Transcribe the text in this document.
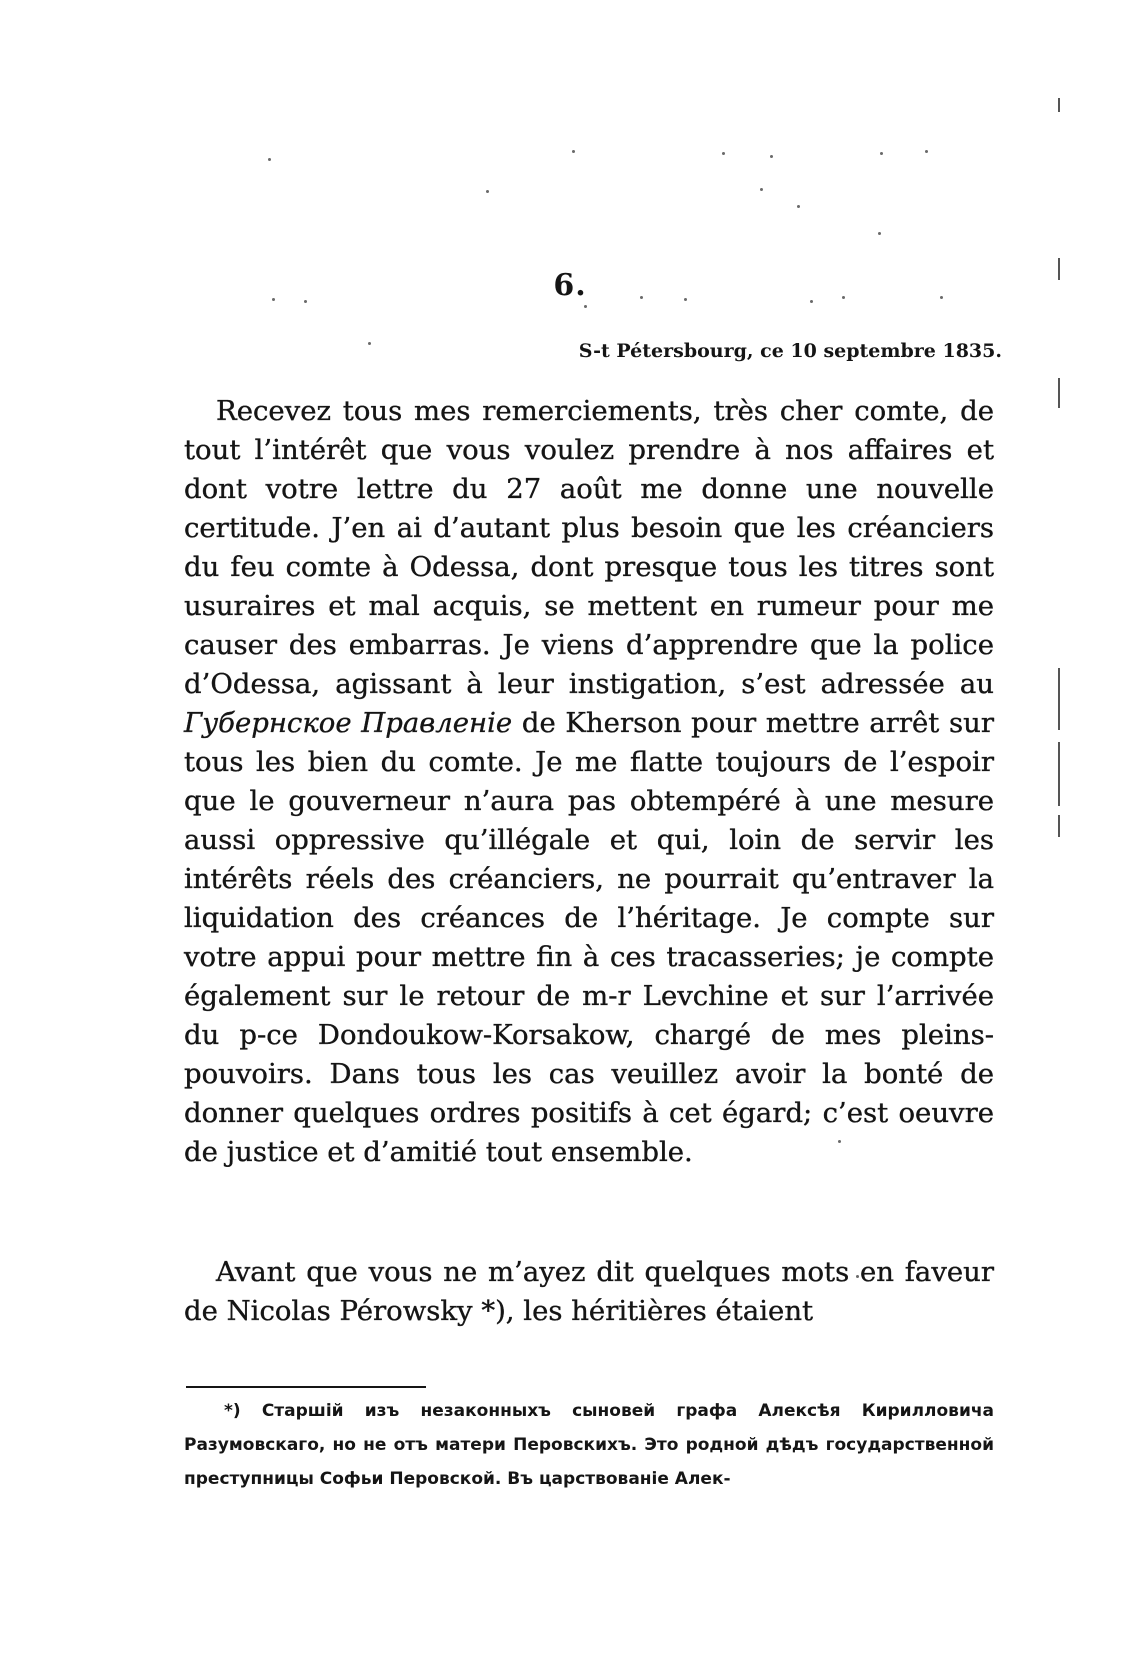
6.
S-t Pétersbourg, ce 10 septembre 1835.

Recevez tous mes remerciements, très cher comte, de tout l’intérêt que vous voulez prendre à nos affaires et dont votre lettre du 27 août me donne une nouvelle certitude. J’en ai d’autant plus besoin que les créanciers du feu comte à Odessa, dont presque tous les titres sont usuraires et mal acquis, se mettent en rumeur pour me causer des embarras. Je viens d’apprendre que la police d’Odessa, agissant à leur instigation, s’est adressée au Губернское Правленіе de Kherson pour mettre arrêt sur tous les bien du comte. Je me flatte toujours de l’espoir que le gouverneur n’aura pas obtempéré à une mesure aussi oppressive qu’illégale et qui, loin de servir les intérêts réels des créanciers, ne pourrait qu’entraver la liquidation des créances de l’héritage. Je compte sur votre appui pour mettre fin à ces tracasseries; je compte également sur le retour de m-r Levchine et sur l’arrivée du p-ce Dondoukow-Korsakow, chargé de mes pleins-pouvoirs. Dans tous les cas veuillez avoir la bonté de donner quelques ordres positifs à cet égard; c’est oeuvre de justice et d’amitié tout ensemble.

Avant que vous ne m’ayez dit quelques mots en faveur de Nicolas Pérowsky *), les héritières étaient

*) Старшій изъ незаконныхъ сыновей графа Алексѣя Кирилловича Разумовскаго, но не отъ матери Перовскихъ. Это родной дѣдъ государственной преступницы Софьи Перовской. Въ царствованіе Алек-
